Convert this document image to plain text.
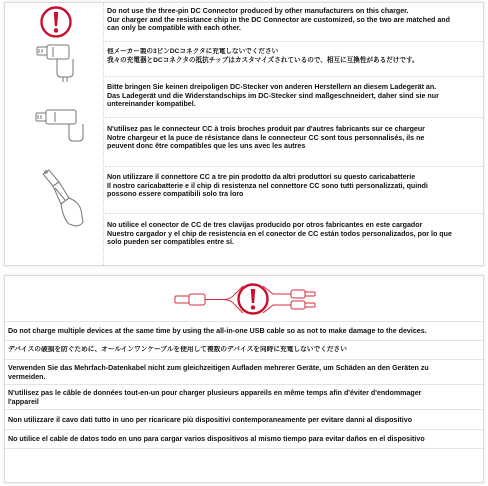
Do not use the three-pin DC Connector produced by other manufacturers on this charger.
Our charger and the resistance chip in the DC Connector are customized, so the two are matched and
can only be compatible with each other.
他メーカー製の3ピンDCコネクタに充電しないでください
我々の充電器とDCコネクタの抵抗チップはカスタマイズされているので、相互に互換性があるだけです。
Bitte bringen Sie keinen dreipoligen DC-Stecker von anderen Herstellern an diesem Ladegerät an.
Das Ladegerät und die Widerstandschips im DC-Stecker sind maßgeschneidert, daher sind sie nur
untereinander kompatibel.
N'utilisez pas le connecteur CC à trois broches produit par d'autres fabricants sur ce chargeur
Notre chargeur et la puce de résistance dans le connecteur CC sont tous personnalisés, ils ne
peuvent donc être compatibles que les uns avec les autres
Non utilizzare il connettore CC a tre pin prodotto da altri produttori su questo caricabatterie
Il nostro caricabatterie e il chip di resistenza nel connettore CC sono tutti personalizzati, quindi
possono essere compatibili solo tra loro
No utilice el conector de CC de tres clavijas producido por otros fabricantes en este cargador
Nuestro cargador y el chip de resistencia en el conector de CC están todos personalizados, por lo que
solo pueden ser compatibles entre sí.
Do not charge multiple devices at the same time by using the all-in-one USB cable so as not to make damage to the devices.
デバイスの破損を防ぐために、オールインワンケーブルを使用して複数のデバイスを同時に充電しないでください
Verwenden Sie das Mehrfach-Datenkabel nicht zum gleichzeitigen Aufladen mehrerer Geräte, um Schäden an den Geräten zu
vermeiden.
N'utilisez pas le câble de données tout-en-un pour charger plusieurs appareils en même temps afin d'éviter d'endommager
l'appareil
Non utilizzare il cavo dati tutto in uno per ricaricare più dispositivi contemporaneamente per evitare danni al dispositivo
No utilice el cable de datos todo en uno para cargar varios dispositivos al mismo tiempo para evitar daños en el dispositivo
